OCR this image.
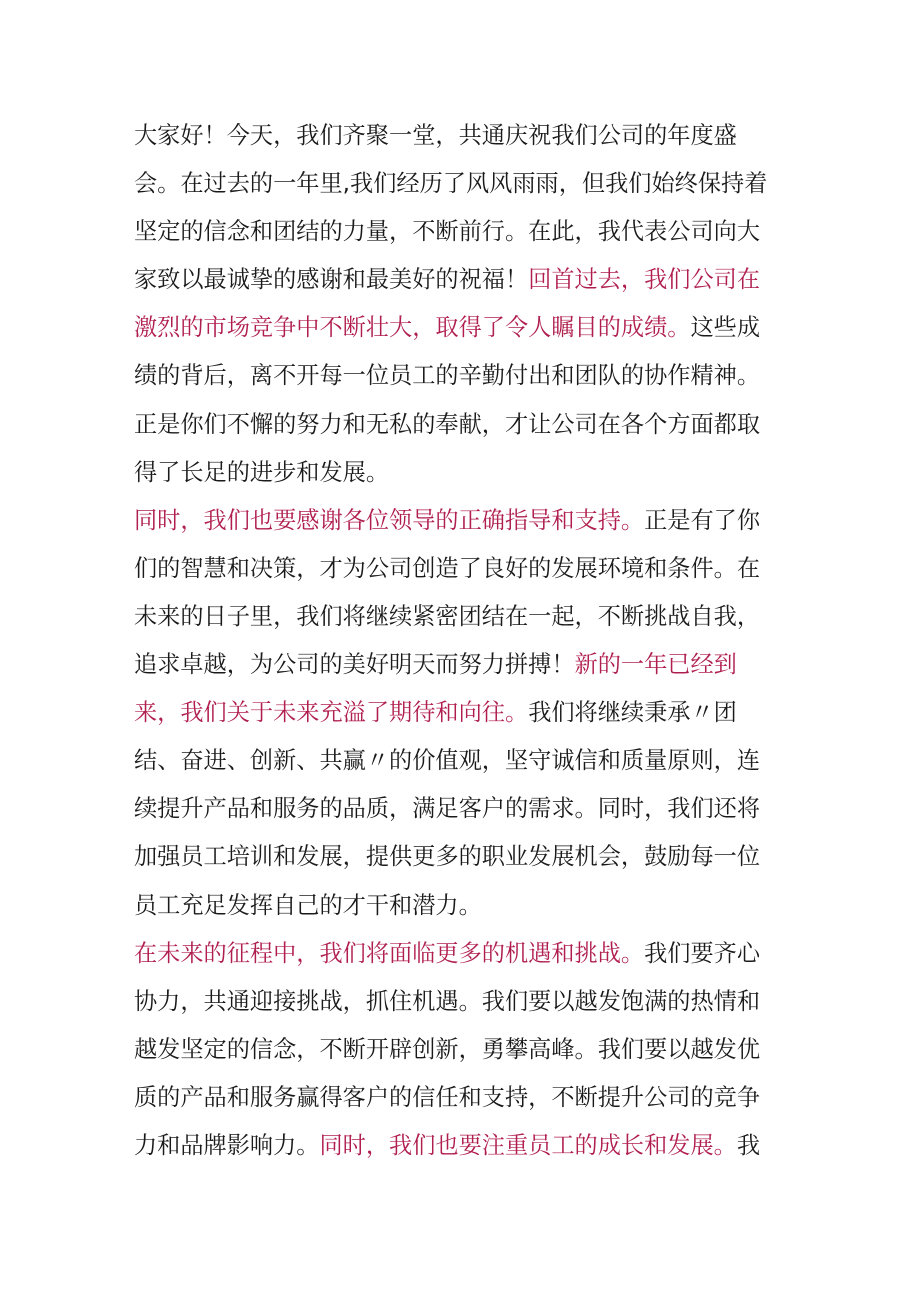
大家好！今天，我们齐聚一堂，共通庆祝我们公司的年度盛
会。在过去的一年里,我们经历了风风雨雨，但我们始终保持着
坚定的信念和团结的力量，不断前行。在此，我代表公司向大
家致以最诚挚的感谢和最美好的祝福！回首过去，我们公司在
激烈的市场竞争中不断壮大，取得了令人瞩目的成绩。这些成
绩的背后，离不开每一位员工的辛勤付出和团队的协作精神。
正是你们不懈的努力和无私的奉献，才让公司在各个方面都取
得了长足的进步和发展。
同时，我们也要感谢各位领导的正确指导和支持。正是有了你
们的智慧和决策，才为公司创造了良好的发展环境和条件。在
未来的日子里，我们将继续紧密团结在一起，不断挑战自我，
追求卓越，为公司的美好明天而努力拼搏！新的一年已经到
来，我们关于未来充溢了期待和向往。我们将继续秉承〃团
结、奋进、创新、共赢〃的价值观，坚守诚信和质量原则，连
续提升产品和服务的品质，满足客户的需求。同时，我们还将
加强员工培训和发展，提供更多的职业发展机会，鼓励每一位
员工充足发挥自己的才干和潜力。
在未来的征程中，我们将面临更多的机遇和挑战。我们要齐心
协力，共通迎接挑战，抓住机遇。我们要以越发饱满的热情和
越发坚定的信念，不断开辟创新，勇攀高峰。我们要以越发优
质的产品和服务赢得客户的信任和支持，不断提升公司的竞争
力和品牌影响力。同时，我们也要注重员工的成长和发展。我
